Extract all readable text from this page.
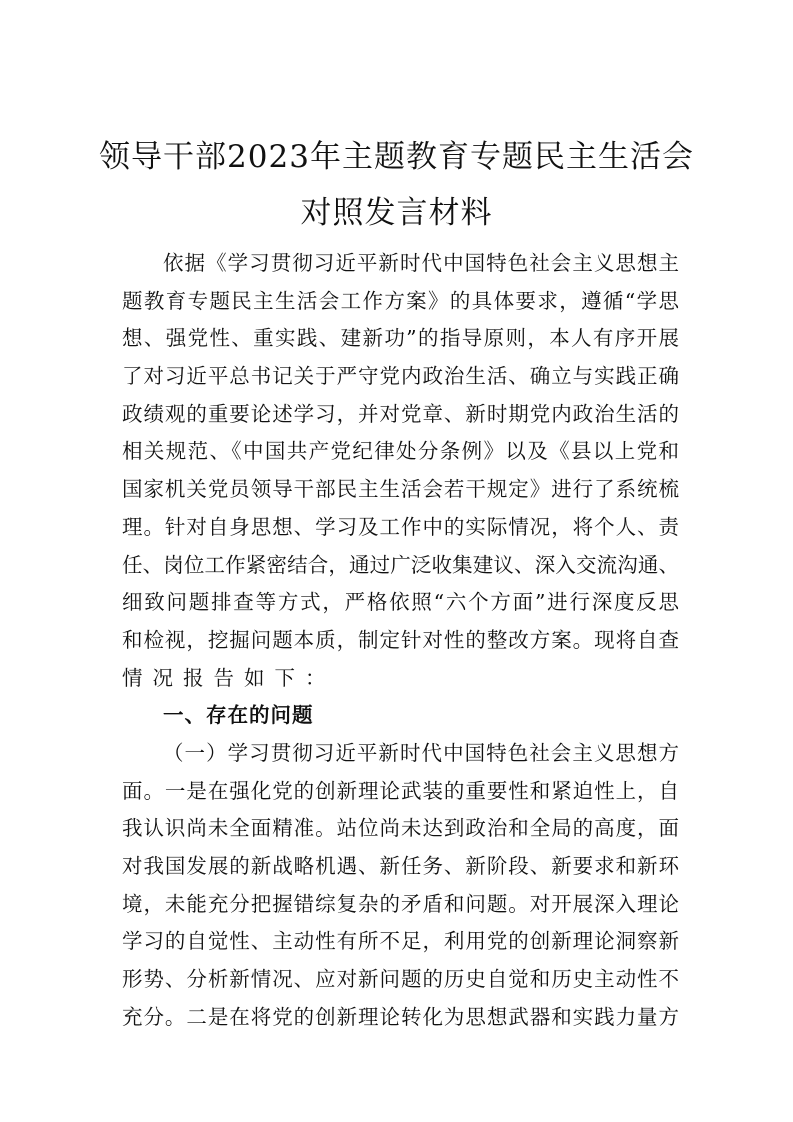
领导干部2023年主题教育专题民主生活会
对照发言材料
依据《学习贯彻习近平新时代中国特色社会主义思想主
题教育专题民主生活会工作方案》的具体要求，遵循“学思
想、强党性、重实践、建新功”的指导原则，本人有序开展
了对习近平总书记关于严守党内政治生活、确立与实践正确
政绩观的重要论述学习，并对党章、新时期党内政治生活的
相关规范、《中国共产党纪律处分条例》以及《县以上党和
国家机关党员领导干部民主生活会若干规定》进行了系统梳
理。针对自身思想、学习及工作中的实际情况，将个人、责
任、岗位工作紧密结合，通过广泛收集建议、深入交流沟通、
细致问题排查等方式，严格依照“六个方面”进行深度反思
和检视，挖掘问题本质，制定针对性的整改方案。现将自查
情况报告如下：
一、存在的问题
（一）学习贯彻习近平新时代中国特色社会主义思想方
面。一是在强化党的创新理论武装的重要性和紧迫性上，自
我认识尚未全面精准。站位尚未达到政治和全局的高度，面
对我国发展的新战略机遇、新任务、新阶段、新要求和新环
境，未能充分把握错综复杂的矛盾和问题。对开展深入理论
学习的自觉性、主动性有所不足，利用党的创新理论洞察新
形势、分析新情况、应对新问题的历史自觉和历史主动性不
充分。二是在将党的创新理论转化为思想武器和实践力量方
